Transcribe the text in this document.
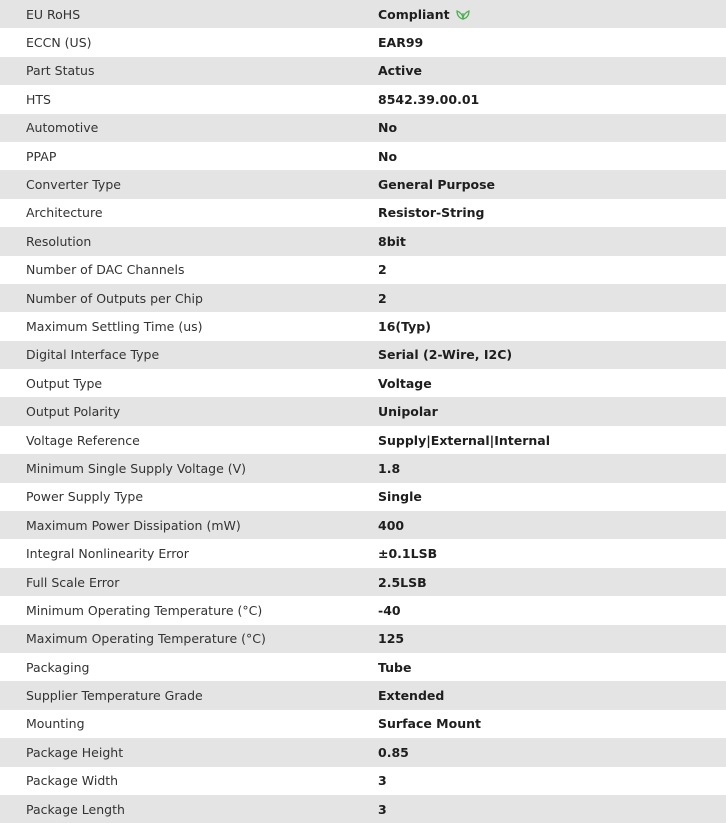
EU RoHS	Compliant
ECCN (US)	EAR99
Part Status	Active
HTS	8542.39.00.01
Automotive	No
PPAP	No
Converter Type	General Purpose
Architecture	Resistor-String
Resolution	8bit
Number of DAC Channels	2
Number of Outputs per Chip	2
Maximum Settling Time (us)	16(Typ)
Digital Interface Type	Serial (2-Wire, I2C)
Output Type	Voltage
Output Polarity	Unipolar
Voltage Reference	Supply|External|Internal
Minimum Single Supply Voltage (V)	1.8
Power Supply Type	Single
Maximum Power Dissipation (mW)	400
Integral Nonlinearity Error	±0.1LSB
Full Scale Error	2.5LSB
Minimum Operating Temperature (°C)	-40
Maximum Operating Temperature (°C)	125
Packaging	Tube
Supplier Temperature Grade	Extended
Mounting	Surface Mount
Package Height	0.85
Package Width	3
Package Length	3
